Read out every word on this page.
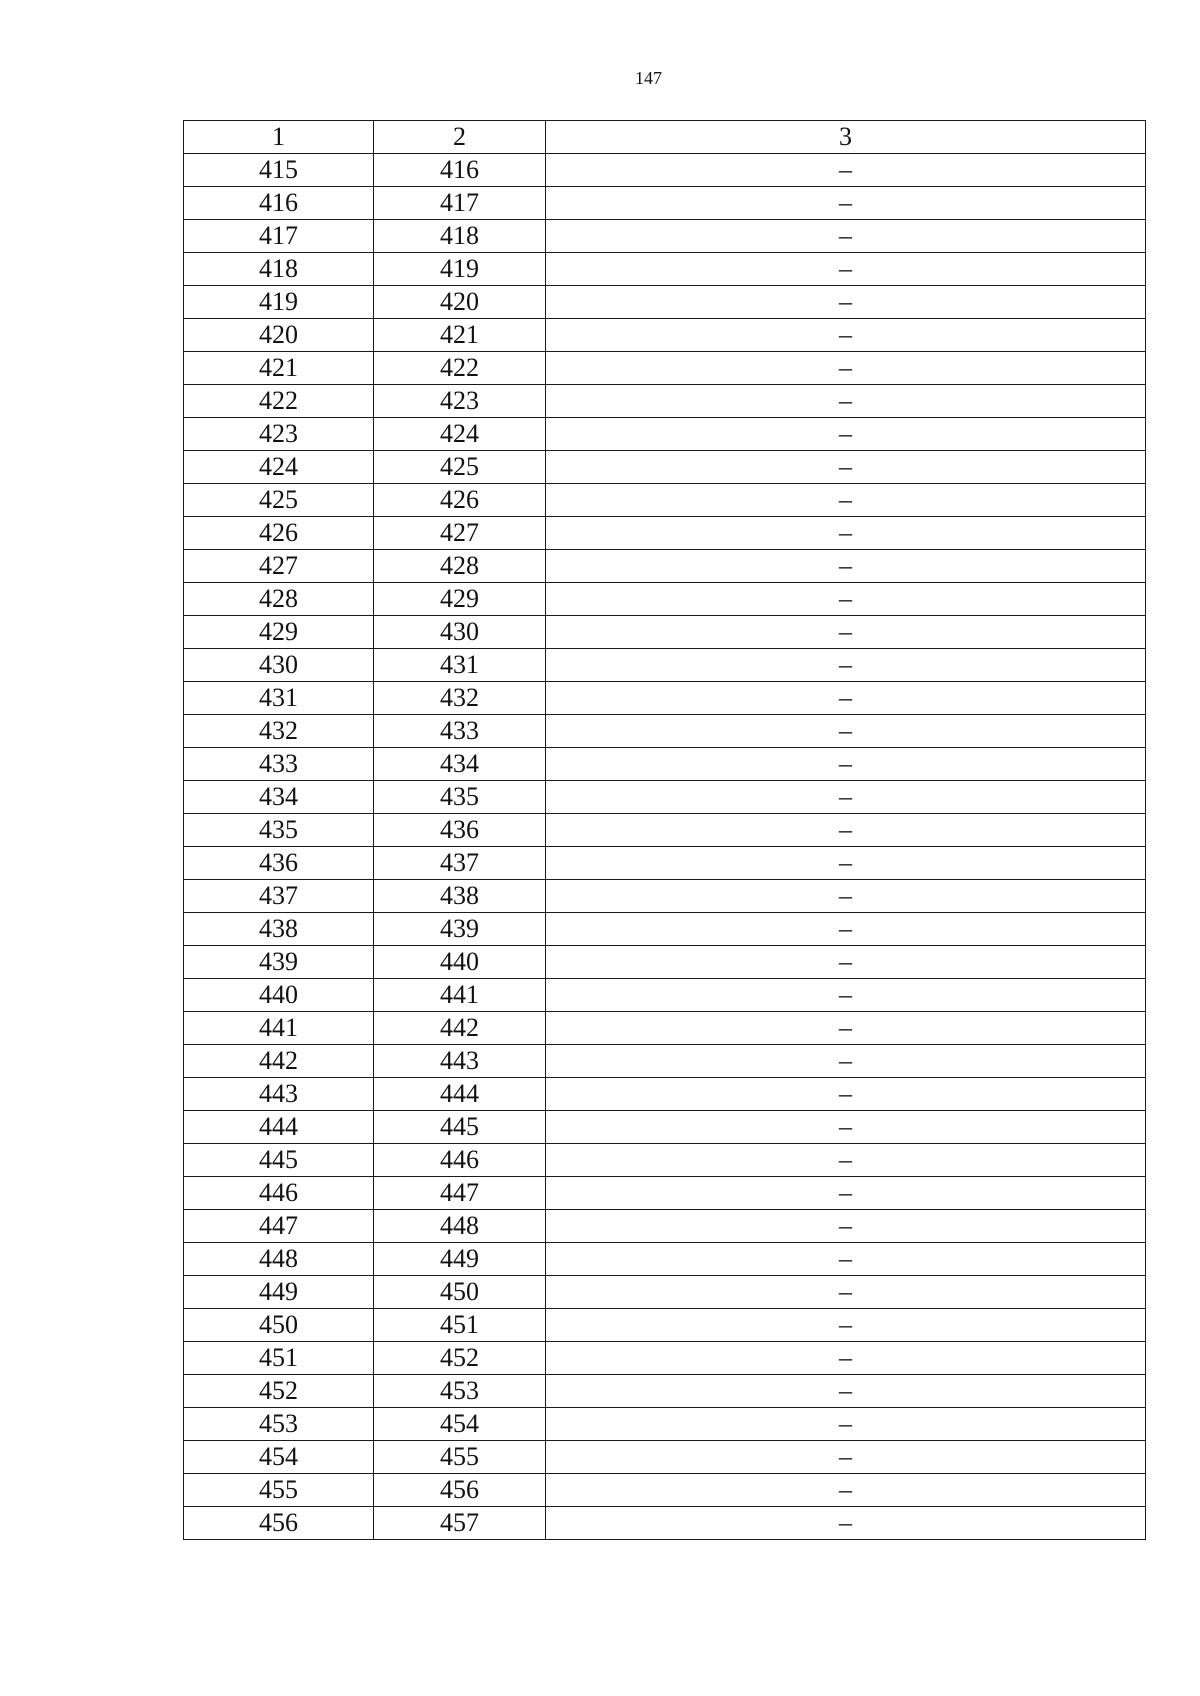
147
1	2	3
415	416	–
416	417	–
417	418	–
418	419	–
419	420	–
420	421	–
421	422	–
422	423	–
423	424	–
424	425	–
425	426	–
426	427	–
427	428	–
428	429	–
429	430	–
430	431	–
431	432	–
432	433	–
433	434	–
434	435	–
435	436	–
436	437	–
437	438	–
438	439	–
439	440	–
440	441	–
441	442	–
442	443	–
443	444	–
444	445	–
445	446	–
446	447	–
447	448	–
448	449	–
449	450	–
450	451	–
451	452	–
452	453	–
453	454	–
454	455	–
455	456	–
456	457	–
